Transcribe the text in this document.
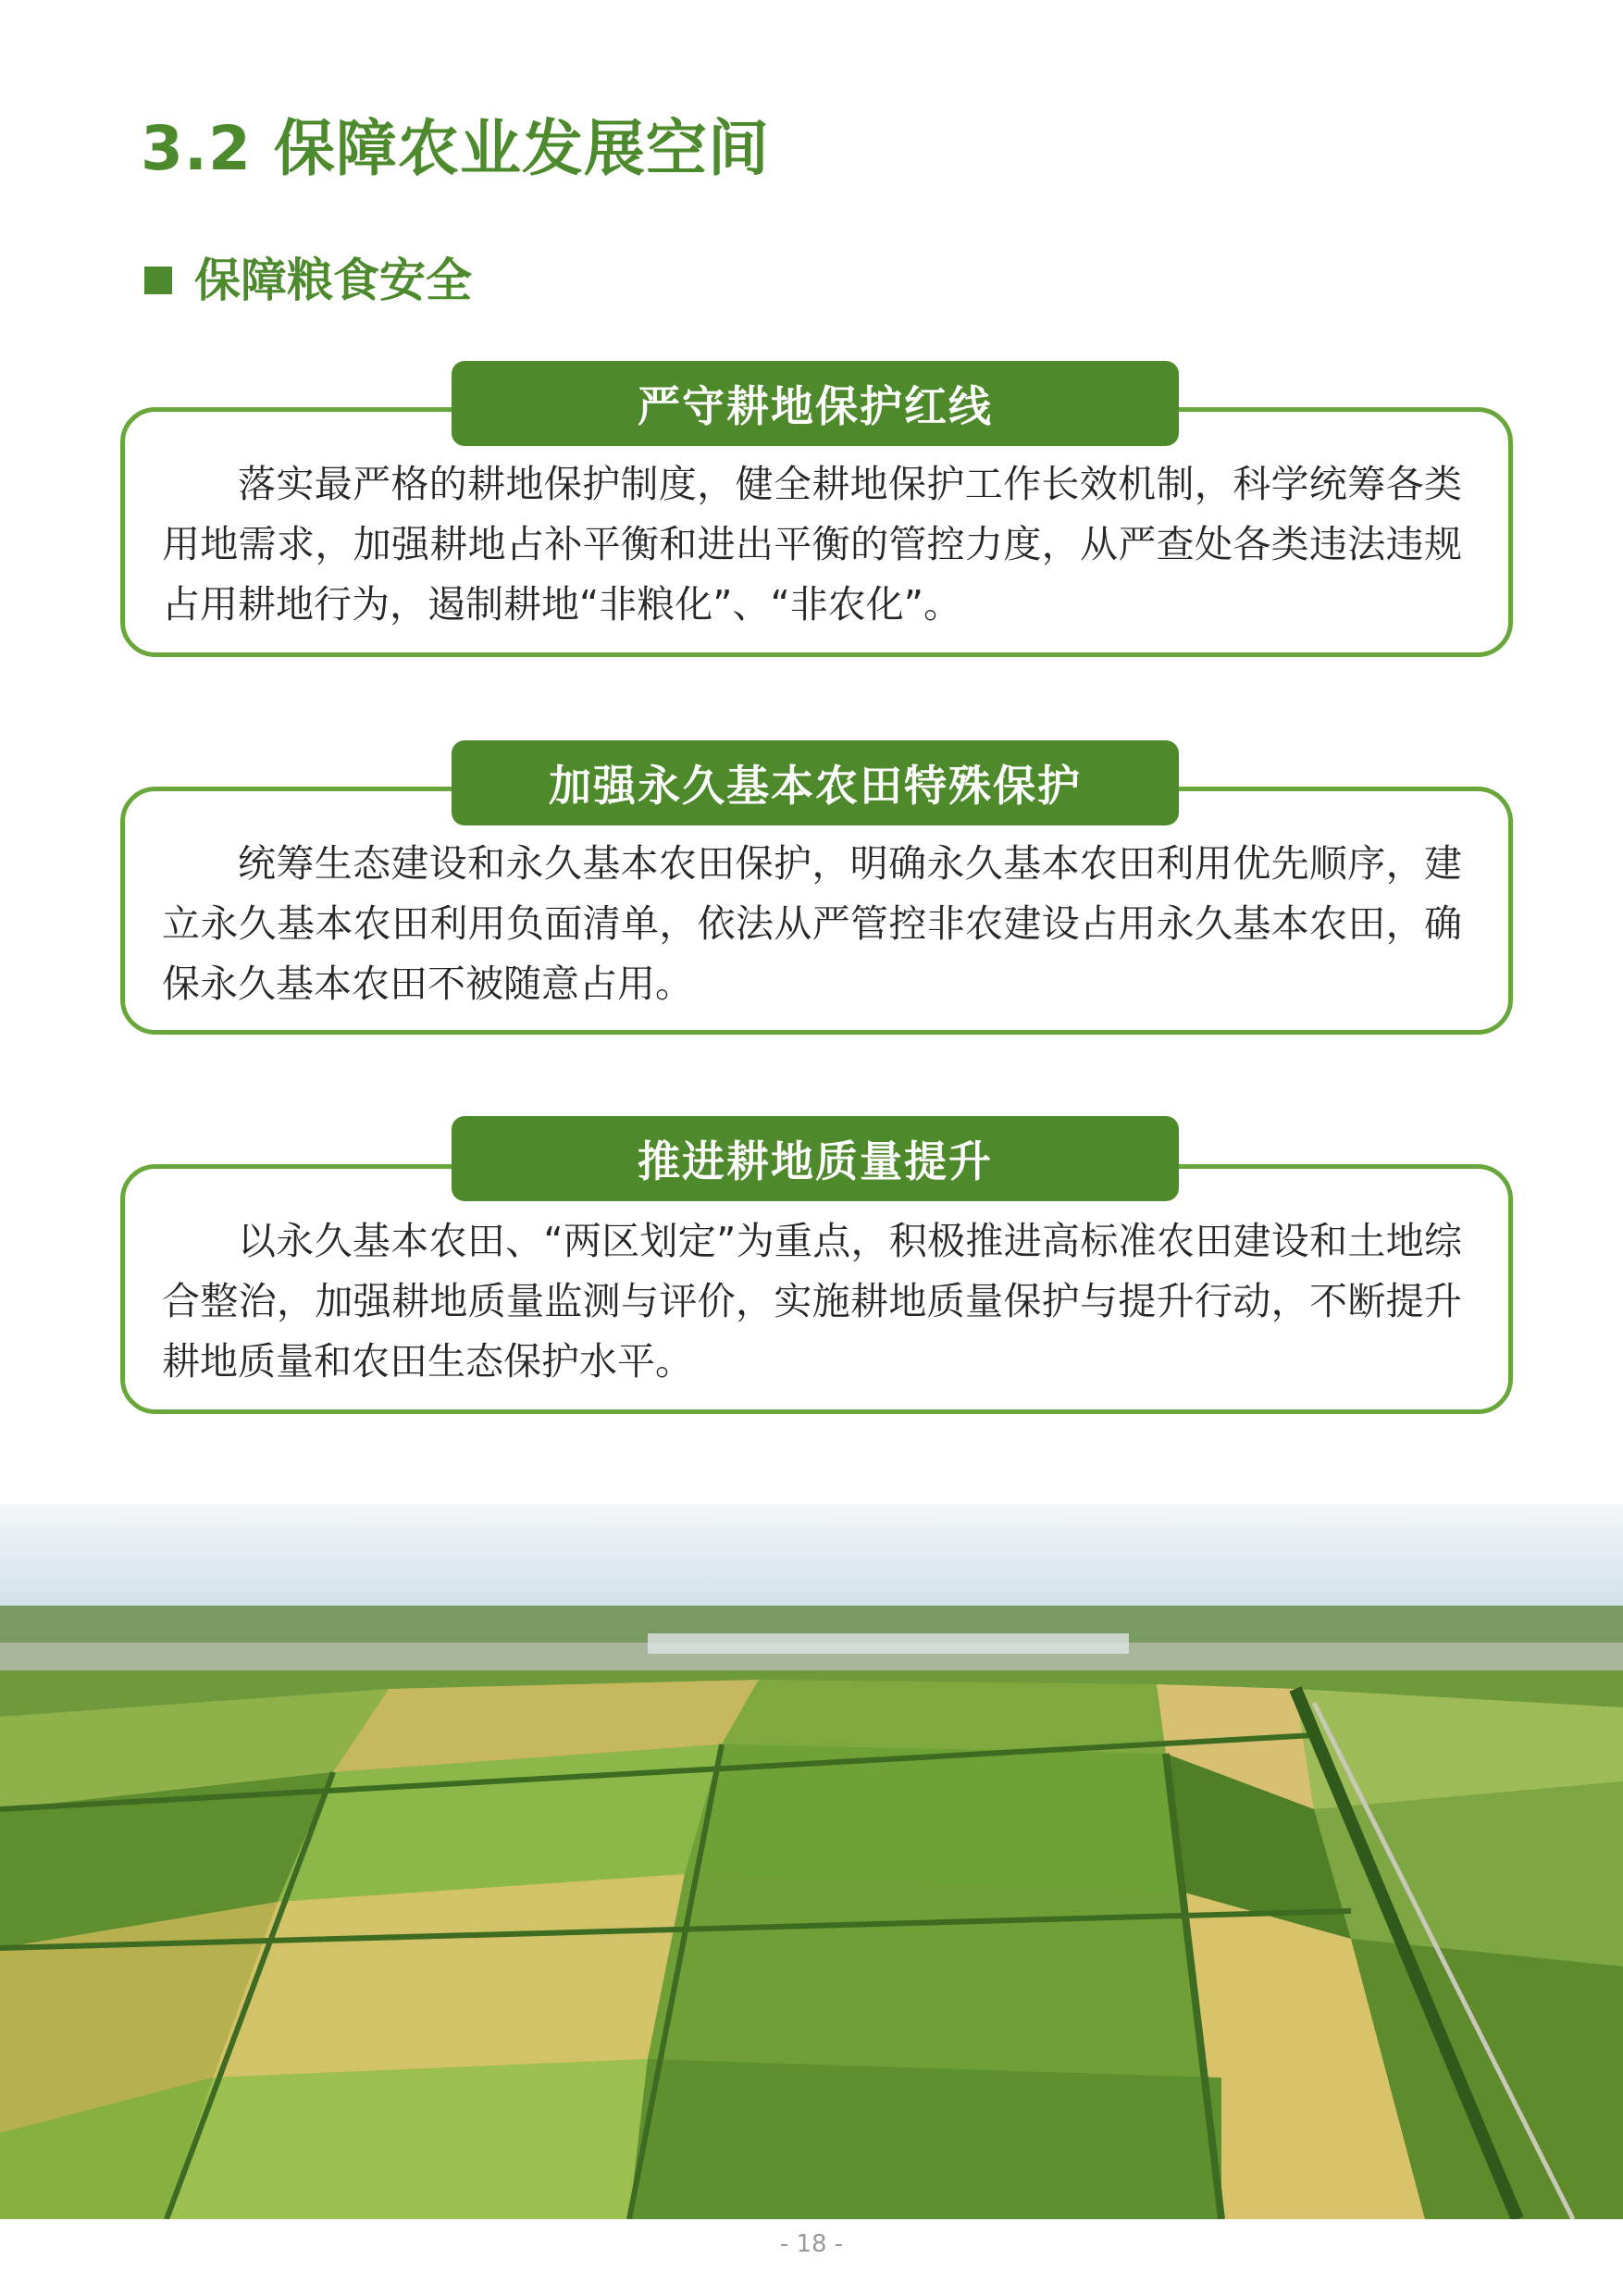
3.2 保障农业发展空间
保障粮食安全
落实最严格的耕地保护制度，健全耕地保护工作长效机制，科学统筹各类用地需求，加强耕地占补平衡和进出平衡的管控力度，从严查处各类违法违规占用耕地行为，遏制耕地“非粮化”、“非农化”。
严守耕地保护红线
统筹生态建设和永久基本农田保护，明确永久基本农田利用优先顺序，建立永久基本农田利用负面清单，依法从严管控非农建设占用永久基本农田，确保永久基本农田不被随意占用。
加强永久基本农田特殊保护
以永久基本农田、“两区划定”为重点，积极推进高标准农田建设和土地综合整治，加强耕地质量监测与评价，实施耕地质量保护与提升行动，不断提升耕地质量和农田生态保护水平。
推进耕地质量提升
- 18 -
